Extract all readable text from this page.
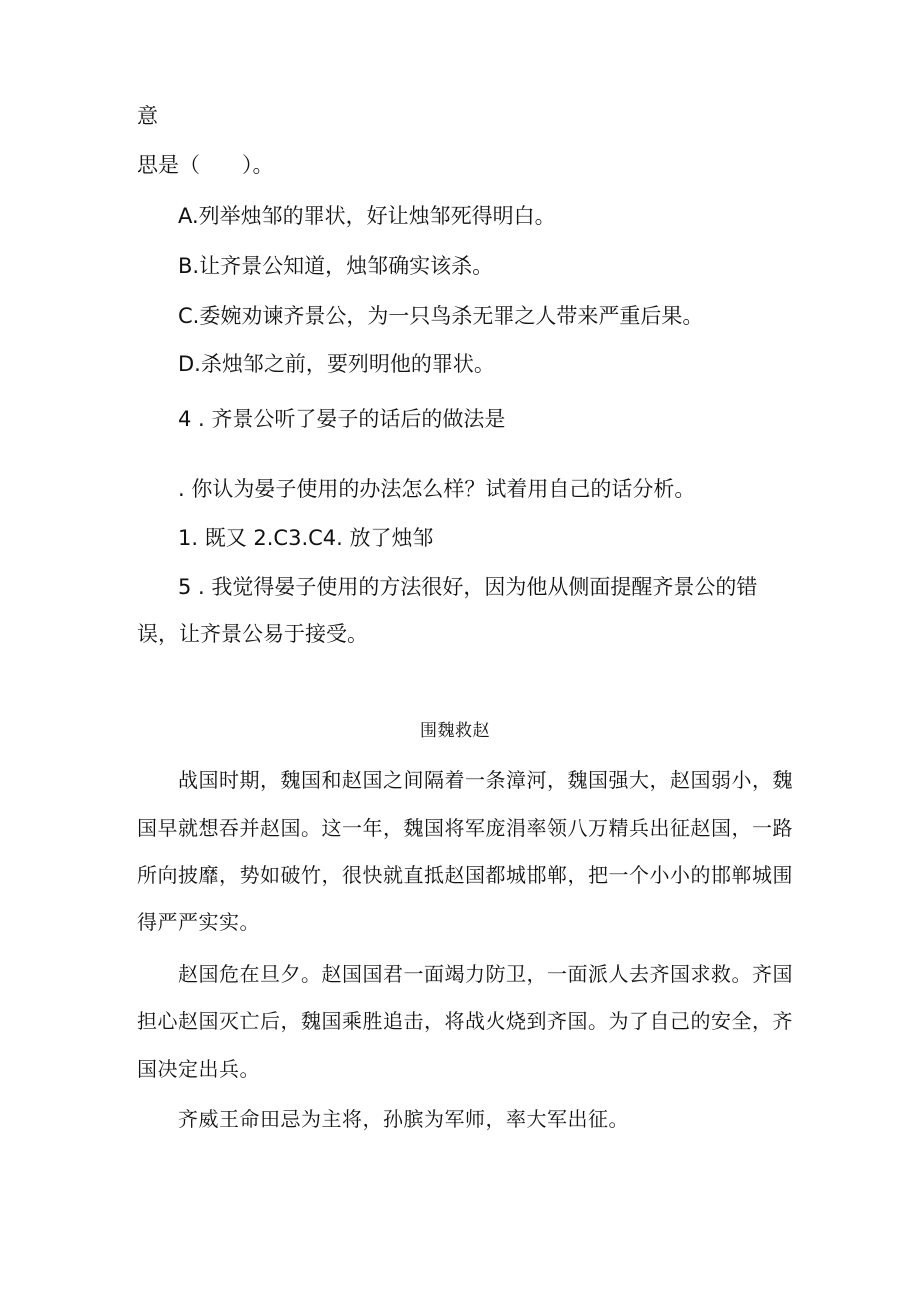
意
思是（　　）。
A.列举烛邹的罪状，好让烛邹死得明白。
B.让齐景公知道，烛邹确实该杀。
C.委婉劝谏齐景公，为一只鸟杀无罪之人带来严重后果。
D.杀烛邹之前，要列明他的罪状。
4 . 齐景公听了晏子的话后的做法是
. 你认为晏子使用的办法怎么样？试着用自己的话分析。
1. 既又 2.C3.C4. 放了烛邹
5 . 我觉得晏子使用的方法很好，因为他从侧面提醒齐景公的错
误，让齐景公易于接受。
围魏救赵
战国时期，魏国和赵国之间隔着一条漳河，魏国强大，赵国弱小，魏
国早就想吞并赵国。这一年，魏国将军庞涓率领八万精兵出征赵国，一路
所向披靡，势如破竹，很快就直抵赵国都城邯郸，把一个小小的邯郸城围
得严严实实。
赵国危在旦夕。赵国国君一面竭力防卫，一面派人去齐国求救。齐国
担心赵国灭亡后，魏国乘胜追击，将战火烧到齐国。为了自己的安全，齐
国决定出兵。
齐威王命田忌为主将，孙膑为军师，率大军出征。
